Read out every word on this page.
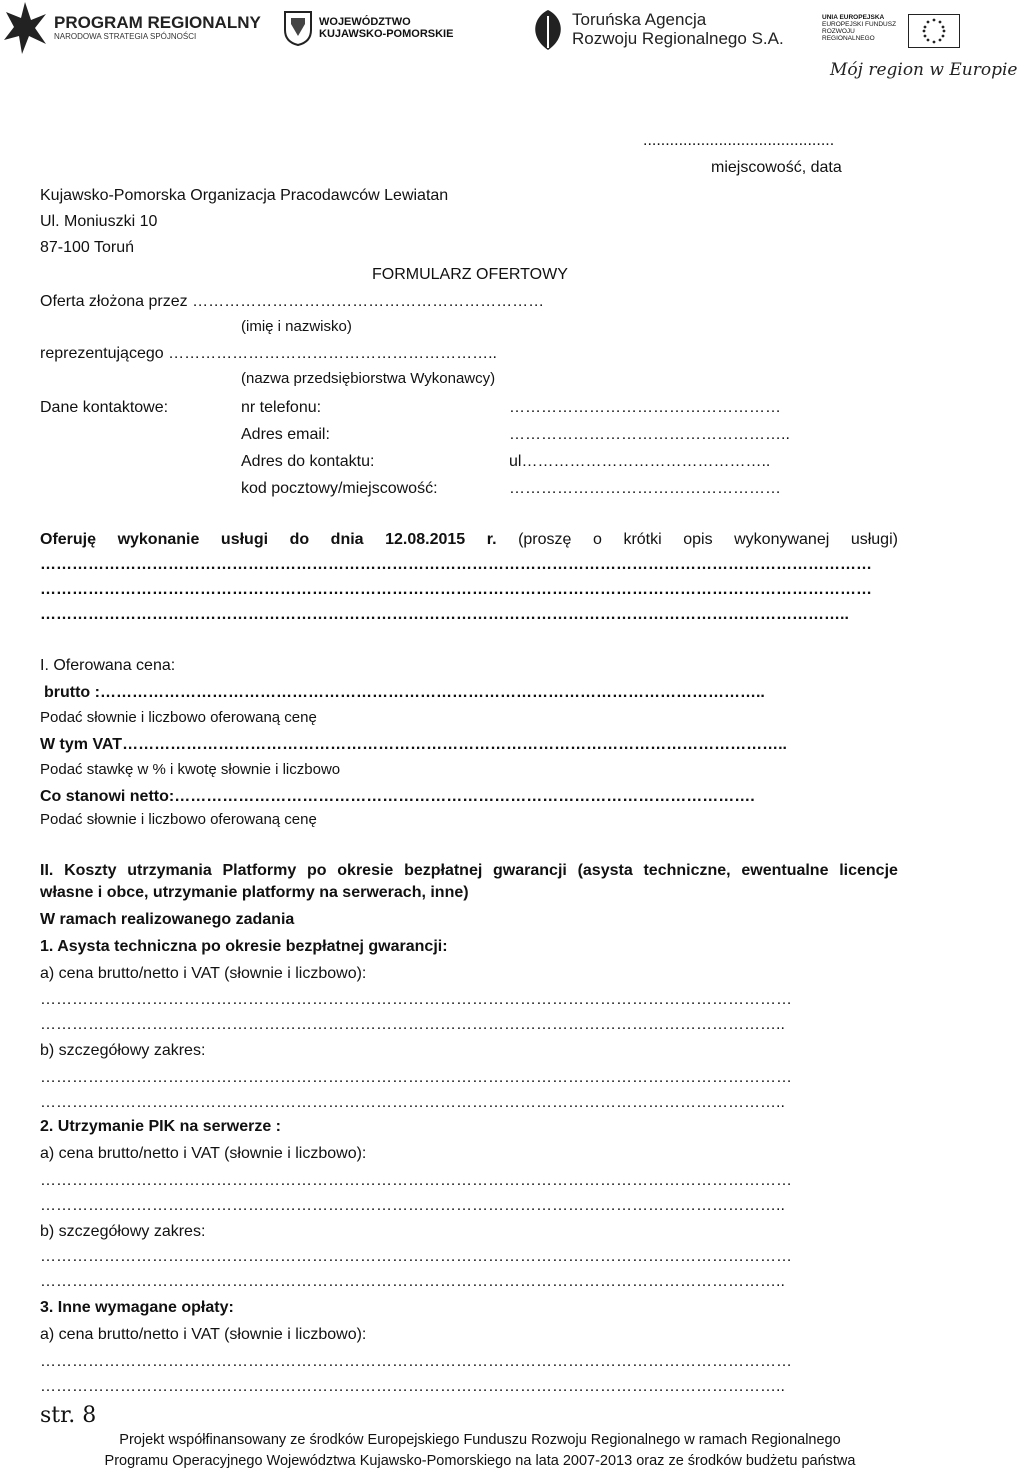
PROGRAM REGIONALNY
NARODOWA STRATEGIA SPÓJNOŚCI
WOJEWÓDZTWO
KUJAWSKO-POMORSKIE
Toruńska Agencja
Rozwoju Regionalnego S.A.
UNIA EUROPEJSKA
EUROPEJSKI FUNDUSZ
ROZWOJU REGIONALNEGO
Mój region w Europie
...........................................
miejscowość, data
Kujawsko-Pomorska Organizacja Pracodawców Lewiatan
Ul. Moniuszki 10
87-100 Toruń
FORMULARZ OFERTOWY
Oferta złożona przez …………………………………………………………
(imię i nazwisko)
reprezentującego ……………………………………………………..
(nazwa przedsiębiorstwa Wykonawcy)
Dane kontaktowe:	nr telefonu:	……………………………………………
Adres email:	……………………………………………..
Adres do kontaktu:	ul………………………………………..
kod pocztowy/miejscowość:	……………………………………………
Oferuję wykonanie usługi do dnia 12.08.2015 r. (proszę o krótki opis wykonywanej usługi)
…………………………………………………………………………………………………………………………………………
…………………………………………………………………………………………………………………………………………
……………………………………………………………………………………………………………………………………..
I. Oferowana cena:
brutto :……………………………………………………………………………………………………………..
Podać słownie i liczbowo oferowaną cenę
W tym VAT……………………………………………………………………………………………………………..
Podać stawkę w % i kwotę słownie i liczbowo
Co stanowi netto:……………………………………………………………………………………………….
Podać słownie i liczbowo oferowaną cenę
II. Koszty utrzymania Platformy po okresie bezpłatnej gwarancji (asysta techniczne, ewentualne licencje
własne i obce, utrzymanie platformy na serwerach, inne)
W ramach realizowanego zadania
1. Asysta techniczna po okresie bezpłatnej gwarancji:
a) cena brutto/netto i VAT (słownie i liczbowo):
……………………………………………………………………………………………………………………………
…………………………………………………………………………………………………………………………..
b) szczegółowy zakres:
……………………………………………………………………………………………………………………………
…………………………………………………………………………………………………………………………..
2. Utrzymanie PIK na serwerze :
a) cena brutto/netto i VAT (słownie i liczbowo):
……………………………………………………………………………………………………………………………
…………………………………………………………………………………………………………………………..
b) szczegółowy zakres:
……………………………………………………………………………………………………………………………
…………………………………………………………………………………………………………………………..
3. Inne wymagane opłaty:
a) cena brutto/netto i VAT (słownie i liczbowo):
……………………………………………………………………………………………………………………………
…………………………………………………………………………………………………………………………..
str. 8
Projekt współfinansowany ze środków Europejskiego Funduszu Rozwoju Regionalnego w ramach Regionalnego
Programu Operacyjnego Województwa Kujawsko-Pomorskiego na lata 2007-2013 oraz ze środków budżetu państwa
